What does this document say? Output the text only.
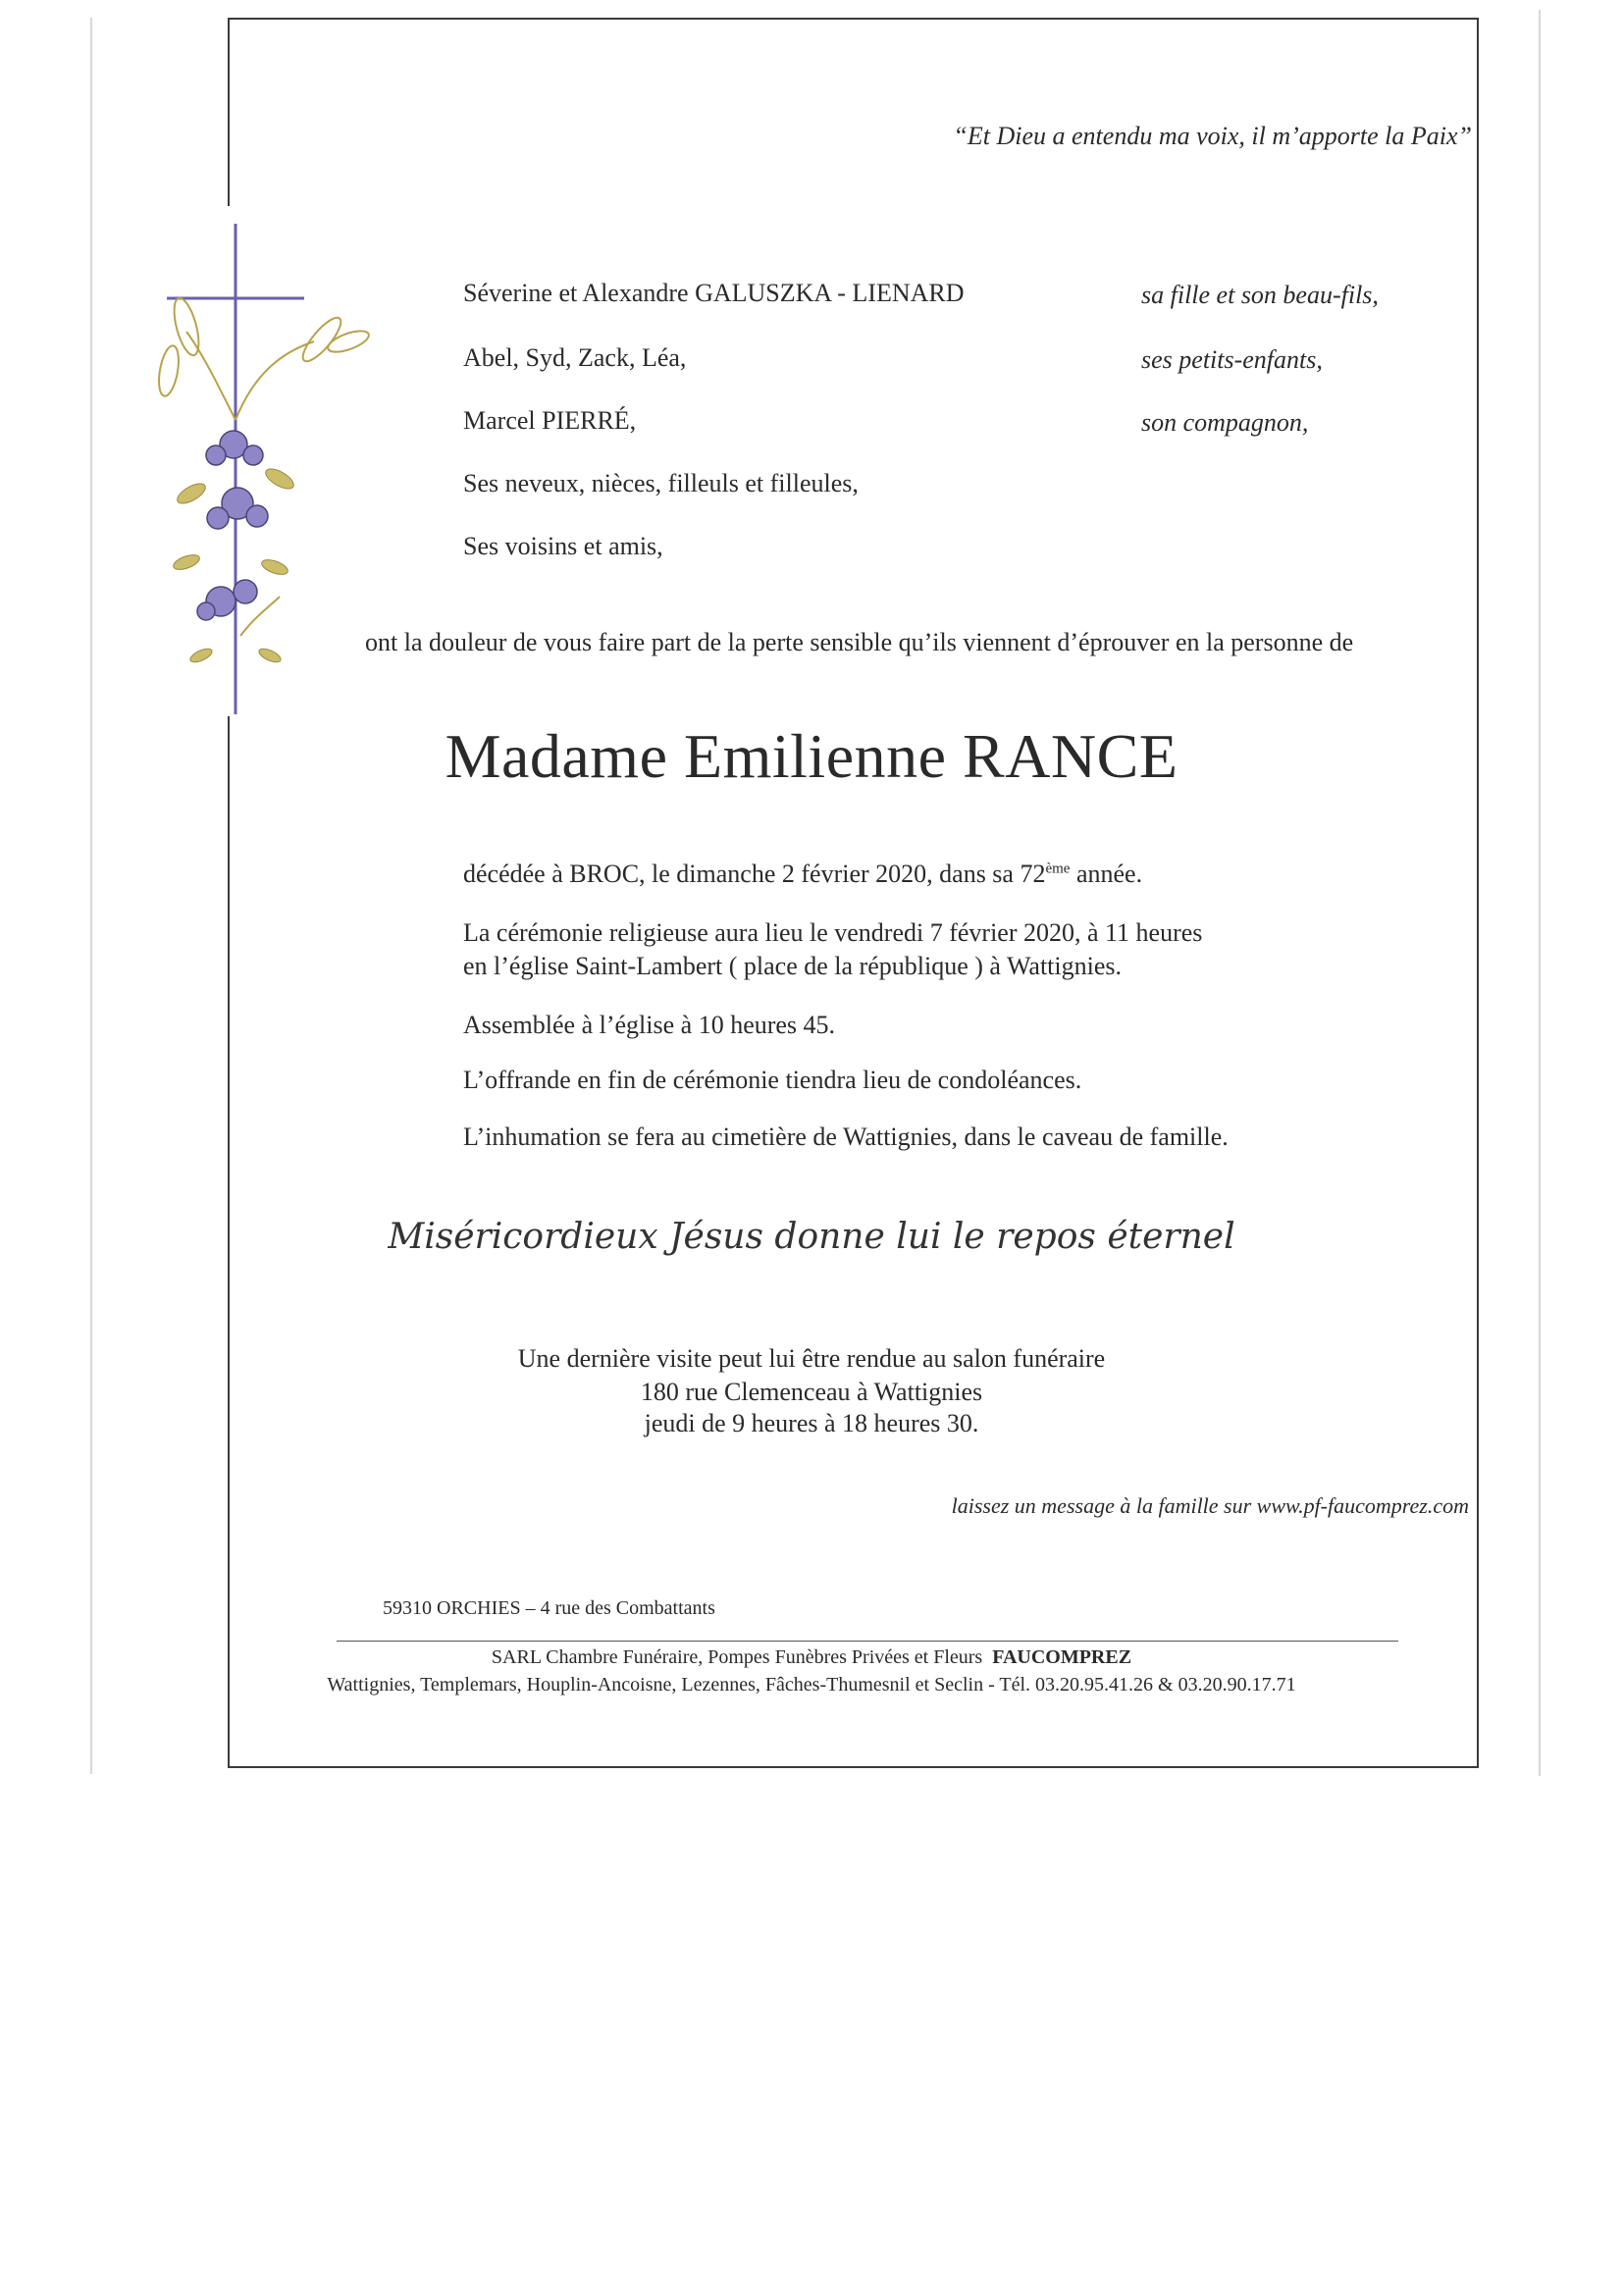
“Et Dieu a entendu ma voix, il m’apporte la Paix”
Séverine et Alexandre GALUSZKA - LIENARD	sa fille et son beau-fils,
Abel, Syd, Zack, Léa,	ses petits-enfants,
Marcel PIERRÉ,	son compagnon,
Ses neveux, nièces, filleuls et filleules,
Ses voisins et amis,
ont la douleur de vous faire part de la perte sensible qu’ils viennent d’éprouver en la personne de
Madame Emilienne RANCE
décédée à BROC, le dimanche 2 février 2020, dans sa 72ème année.
La cérémonie religieuse aura lieu le vendredi 7 février 2020, à 11 heures
en l’église Saint-Lambert ( place de la république ) à Wattignies.
Assemblée à l’église à 10 heures 45.
L’offrande en fin de cérémonie tiendra lieu de condoléances.
L’inhumation se fera au cimetière de Wattignies, dans le caveau de famille.
Miséricordieux Jésus donne lui le repos éternel
Une dernière visite peut lui être rendue au salon funéraire
180 rue Clemenceau à Wattignies
jeudi de 9 heures à 18 heures 30.
laissez un message à la famille sur www.pf-faucomprez.com
59310 ORCHIES – 4 rue des Combattants
SARL Chambre Funéraire, Pompes Funèbres Privées et Fleurs FAUCOMPREZ
Wattignies, Templemars, Houplin-Ancoisne, Lezennes, Fâches-Thumesnil et Seclin - Tél. 03.20.95.41.26 & 03.20.90.17.71
